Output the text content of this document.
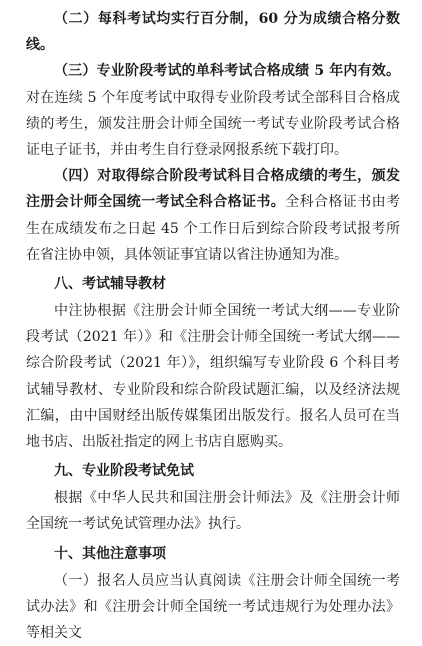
（二）每科考试均实行百分制，60 分为成绩合格分数线。

（三）专业阶段考试的单科考试合格成绩 5 年内有效。对在连续 5 个年度考试中取得专业阶段考试全部科目合格成绩的考生，颁发注册会计师全国统一考试专业阶段考试合格证电子证书，并由考生自行登录网报系统下载打印。

（四）对取得综合阶段考试科目合格成绩的考生，颁发注册会计师全国统一考试全科合格证书。全科合格证书由考生在成绩发布之日起 45 个工作日后到综合阶段考试报考所在省注协申领，具体领证事宜请以省注协通知为准。

八、考试辅导教材

中注协根据《注册会计师全国统一考试大纲——专业阶段考试（2021 年）》和《注册会计师全国统一考试大纲——综合阶段考试（2021 年）》，组织编写专业阶段 6 个科目考试辅导教材、专业阶段和综合阶段试题汇编，以及经济法规汇编，由中国财经出版传媒集团出版发行。报名人员可在当地书店、出版社指定的网上书店自愿购买。

九、专业阶段考试免试

根据《中华人民共和国注册会计师法》及《注册会计师全国统一考试免试管理办法》执行。

十、其他注意事项

（一）报名人员应当认真阅读《注册会计师全国统一考试办法》和《注册会计师全国统一考试违规行为处理办法》等相关文
